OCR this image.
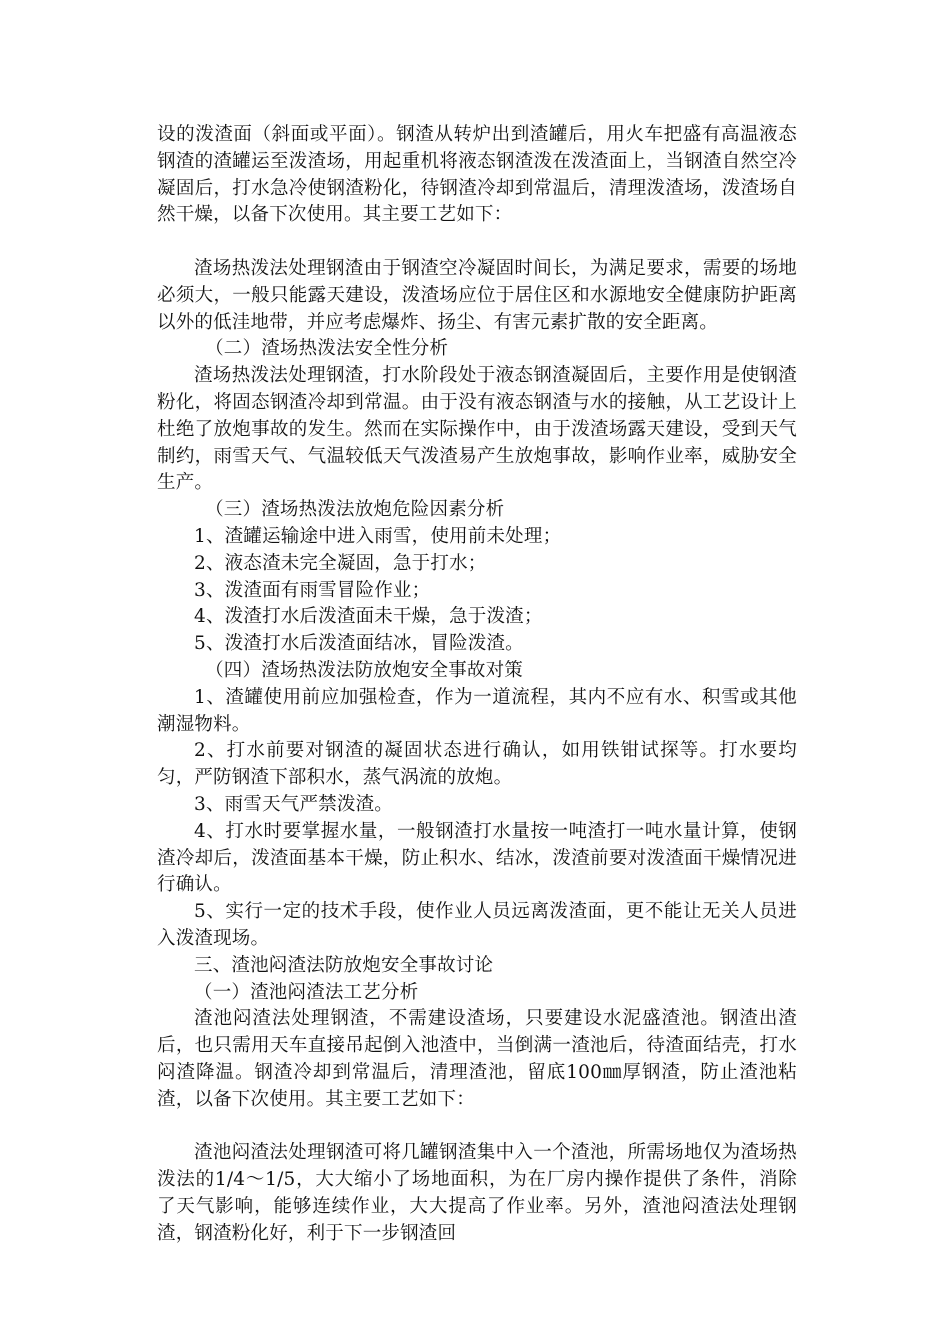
设的泼渣面（斜面或平面）。钢渣从转炉出到渣罐后，用火车把盛有高温液态钢渣的渣罐运至泼渣场，用起重机将液态钢渣泼在泼渣面上，当钢渣自然空冷凝固后，打水急冷使钢渣粉化，待钢渣冷却到常温后，清理泼渣场，泼渣场自然干燥，以备下次使用。其主要工艺如下：

渣场热泼法处理钢渣由于钢渣空冷凝固时间长，为满足要求，需要的场地必须大，一般只能露天建设，泼渣场应位于居住区和水源地安全健康防护距离以外的低洼地带，并应考虑爆炸、扬尘、有害元素扩散的安全距离。

（二）渣场热泼法安全性分析

渣场热泼法处理钢渣，打水阶段处于液态钢渣凝固后，主要作用是使钢渣粉化，将固态钢渣冷却到常温。由于没有液态钢渣与水的接触，从工艺设计上杜绝了放炮事故的发生。然而在实际操作中，由于泼渣场露天建设，受到天气制约，雨雪天气、气温较低天气泼渣易产生放炮事故，影响作业率，威胁安全生产。

（三）渣场热泼法放炮危险因素分析

1、渣罐运输途中进入雨雪，使用前未处理；

2、液态渣未完全凝固，急于打水；

3、泼渣面有雨雪冒险作业；

4、泼渣打水后泼渣面未干燥，急于泼渣；

5、泼渣打水后泼渣面结冰，冒险泼渣。

（四）渣场热泼法防放炮安全事故对策

1、渣罐使用前应加强检查，作为一道流程，其内不应有水、积雪或其他潮湿物料。

2、打水前要对钢渣的凝固状态进行确认，如用铁钳试探等。打水要均匀，严防钢渣下部积水，蒸气涡流的放炮。

3、雨雪天气严禁泼渣。

4、打水时要掌握水量，一般钢渣打水量按一吨渣打一吨水量计算，使钢渣冷却后，泼渣面基本干燥，防止积水、结冰，泼渣前要对泼渣面干燥情况进行确认。

5、实行一定的技术手段，使作业人员远离泼渣面，更不能让无关人员进入泼渣现场。

三、渣池闷渣法防放炮安全事故讨论

（一）渣池闷渣法工艺分析

渣池闷渣法处理钢渣，不需建设渣场，只要建设水泥盛渣池。钢渣出渣后，也只需用天车直接吊起倒入池渣中，当倒满一渣池后，待渣面结壳，打水闷渣降温。钢渣冷却到常温后，清理渣池，留底100㎜厚钢渣，防止渣池粘渣，以备下次使用。其主要工艺如下：

渣池闷渣法处理钢渣可将几罐钢渣集中入一个渣池，所需场地仅为渣场热泼法的1/4～1/5，大大缩小了场地面积，为在厂房内操作提供了条件，消除了天气影响，能够连续作业，大大提高了作业率。另外，渣池闷渣法处理钢渣，钢渣粉化好，利于下一步钢渣回
